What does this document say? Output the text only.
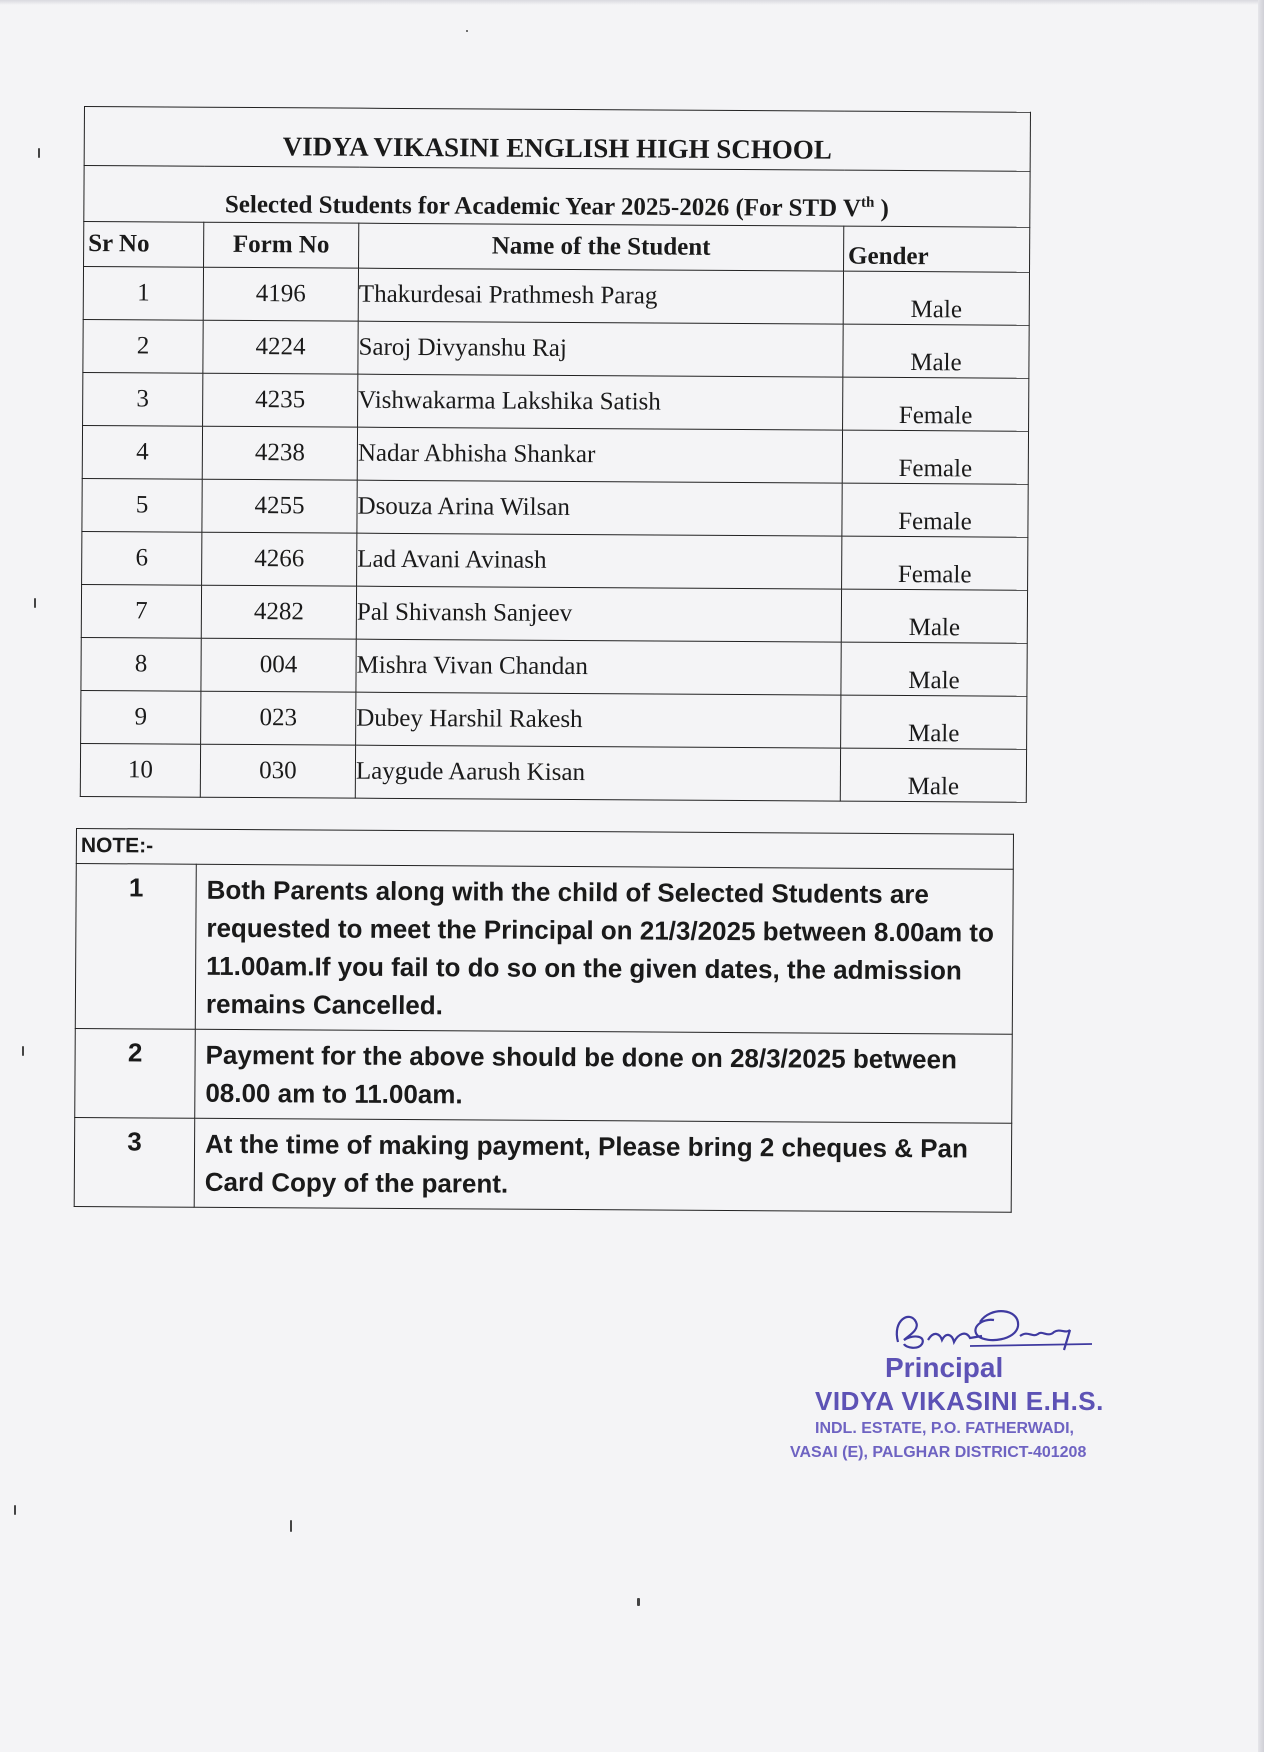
VIDYA VIKASINI ENGLISH HIGH SCHOOL			
Selected Students for Academic Year 2025-2026 (For STD Vth )			
Sr No	Form No	Name of the Student	Gender
1	4196	Thakurdesai Prathmesh Parag	Male
2	4224	Saroj Divyanshu Raj	Male
3	4235	Vishwakarma Lakshika Satish	Female
4	4238	Nadar Abhisha Shankar	Female
5	4255	Dsouza Arina Wilsan	Female
6	4266	Lad Avani Avinash	Female
7	4282	Pal Shivansh Sanjeev	Male
8	004	Mishra Vivan Chandan	Male
9	023	Dubey Harshil Rakesh	Male
10	030	Laygude Aarush Kisan	Male
NOTE:-	
1	Both Parents along with the child of Selected Students are requested to meet the Principal on 21/3/2025 between 8.00am to 11.00am.If you fail to do so on the given dates, the admission remains Cancelled.
2	Payment for the above should be done on 28/3/2025 between 08.00 am to 11.00am.
3	At the time of making payment, Please bring 2 cheques & Pan Card Copy of the parent.
Principal
VIDYA VIKASINI E.H.S.
INDL. ESTATE, P.O. FATHERWADI,
VASAI (E), PALGHAR DISTRICT-401208
